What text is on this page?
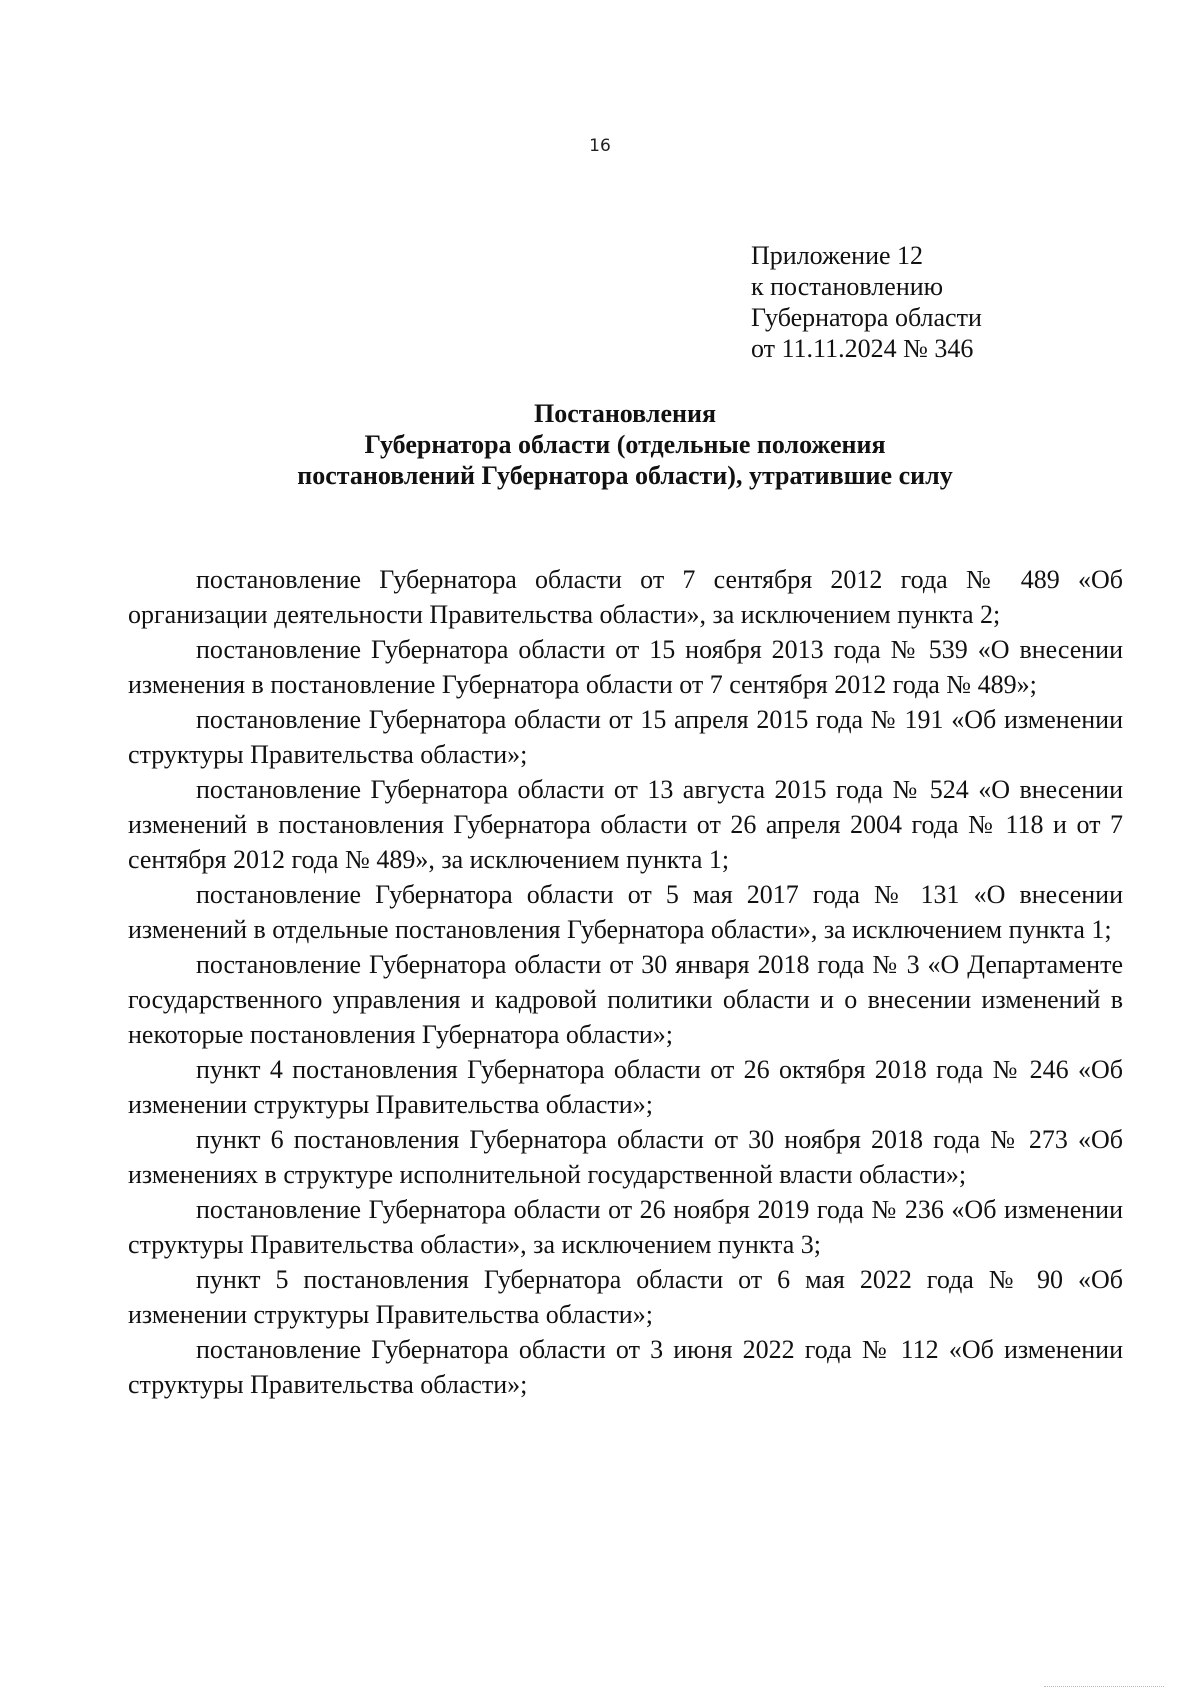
16
Приложение 12
к постановлению
Губернатора области
от 11.11.2024 № 346
Постановления
Губернатора области (отдельные положения
постановлений Губернатора области), утратившие силу

постановление Губернатора области от 7 сентября 2012 года № 489 «Об организации деятельности Правительства области», за исключением пункта 2;

постановление Губернатора области от 15 ноября 2013 года № 539 «О внесении изменения в постановление Губернатора области от 7 сентября 2012 года № 489»;

постановление Губернатора области от 15 апреля 2015 года № 191 «Об изменении структуры Правительства области»;

постановление Губернатора области от 13 августа 2015 года № 524 «О внесении изменений в постановления Губернатора области от 26 апреля 2004 года № 118 и от 7 сентября 2012 года № 489», за исключением пункта 1;

постановление Губернатора области от 5 мая 2017 года № 131 «О внесении изменений в отдельные постановления Губернатора области», за исключением пункта 1;

постановление Губернатора области от 30 января 2018 года № 3 «О Департаменте государственного управления и кадровой политики области и о внесении изменений в некоторые постановления Губернатора области»;

пункт 4 постановления Губернатора области от 26 октября 2018 года № 246 «Об изменении структуры Правительства области»;

пункт 6 постановления Губернатора области от 30 ноября 2018 года № 273 «Об изменениях в структуре исполнительной государственной власти области»;

постановление Губернатора области от 26 ноября 2019 года № 236 «Об изменении структуры Правительства области», за исключением пункта 3;

пункт 5 постановления Губернатора области от 6 мая 2022 года № 90 «Об изменении структуры Правительства области»;

постановление Губернатора области от 3 июня 2022 года № 112 «Об изменении структуры Правительства области»;
